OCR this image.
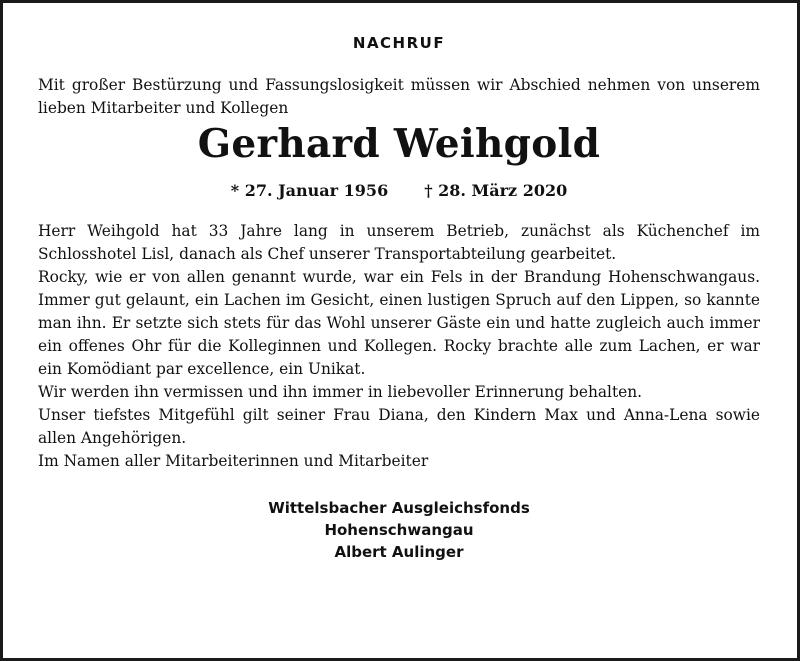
NACHRUF

Mit großer Bestürzung und Fassungslosigkeit müssen wir Abschied nehmen von unserem lieben Mitarbeiter und Kollegen

Gerhard Weihgold
* 27. Januar 1956 † 28. März 2020

Herr Weihgold hat 33 Jahre lang in unserem Betrieb, zunächst als Küchenchef im Schlosshotel Lisl, danach als Chef unserer Transportabteilung gearbeitet.

Rocky, wie er von allen genannt wurde, war ein Fels in der Brandung Hohenschwangaus. Immer gut gelaunt, ein Lachen im Gesicht, einen lustigen Spruch auf den Lippen, so kannte man ihn. Er setzte sich stets für das Wohl unserer Gäste ein und hatte zugleich auch immer ein offenes Ohr für die Kolleginnen und Kollegen. Rocky brachte alle zum Lachen, er war ein Komödiant par excellence, ein Unikat.

Wir werden ihn vermissen und ihn immer in liebevoller Erinnerung behalten.

Unser tiefstes Mitgefühl gilt seiner Frau Diana, den Kindern Max und Anna-Lena sowie allen Angehörigen.

Im Namen aller Mitarbeiterinnen und Mitarbeiter

Wittelsbacher Ausgleichsfonds
Hohenschwangau
Albert Aulinger
